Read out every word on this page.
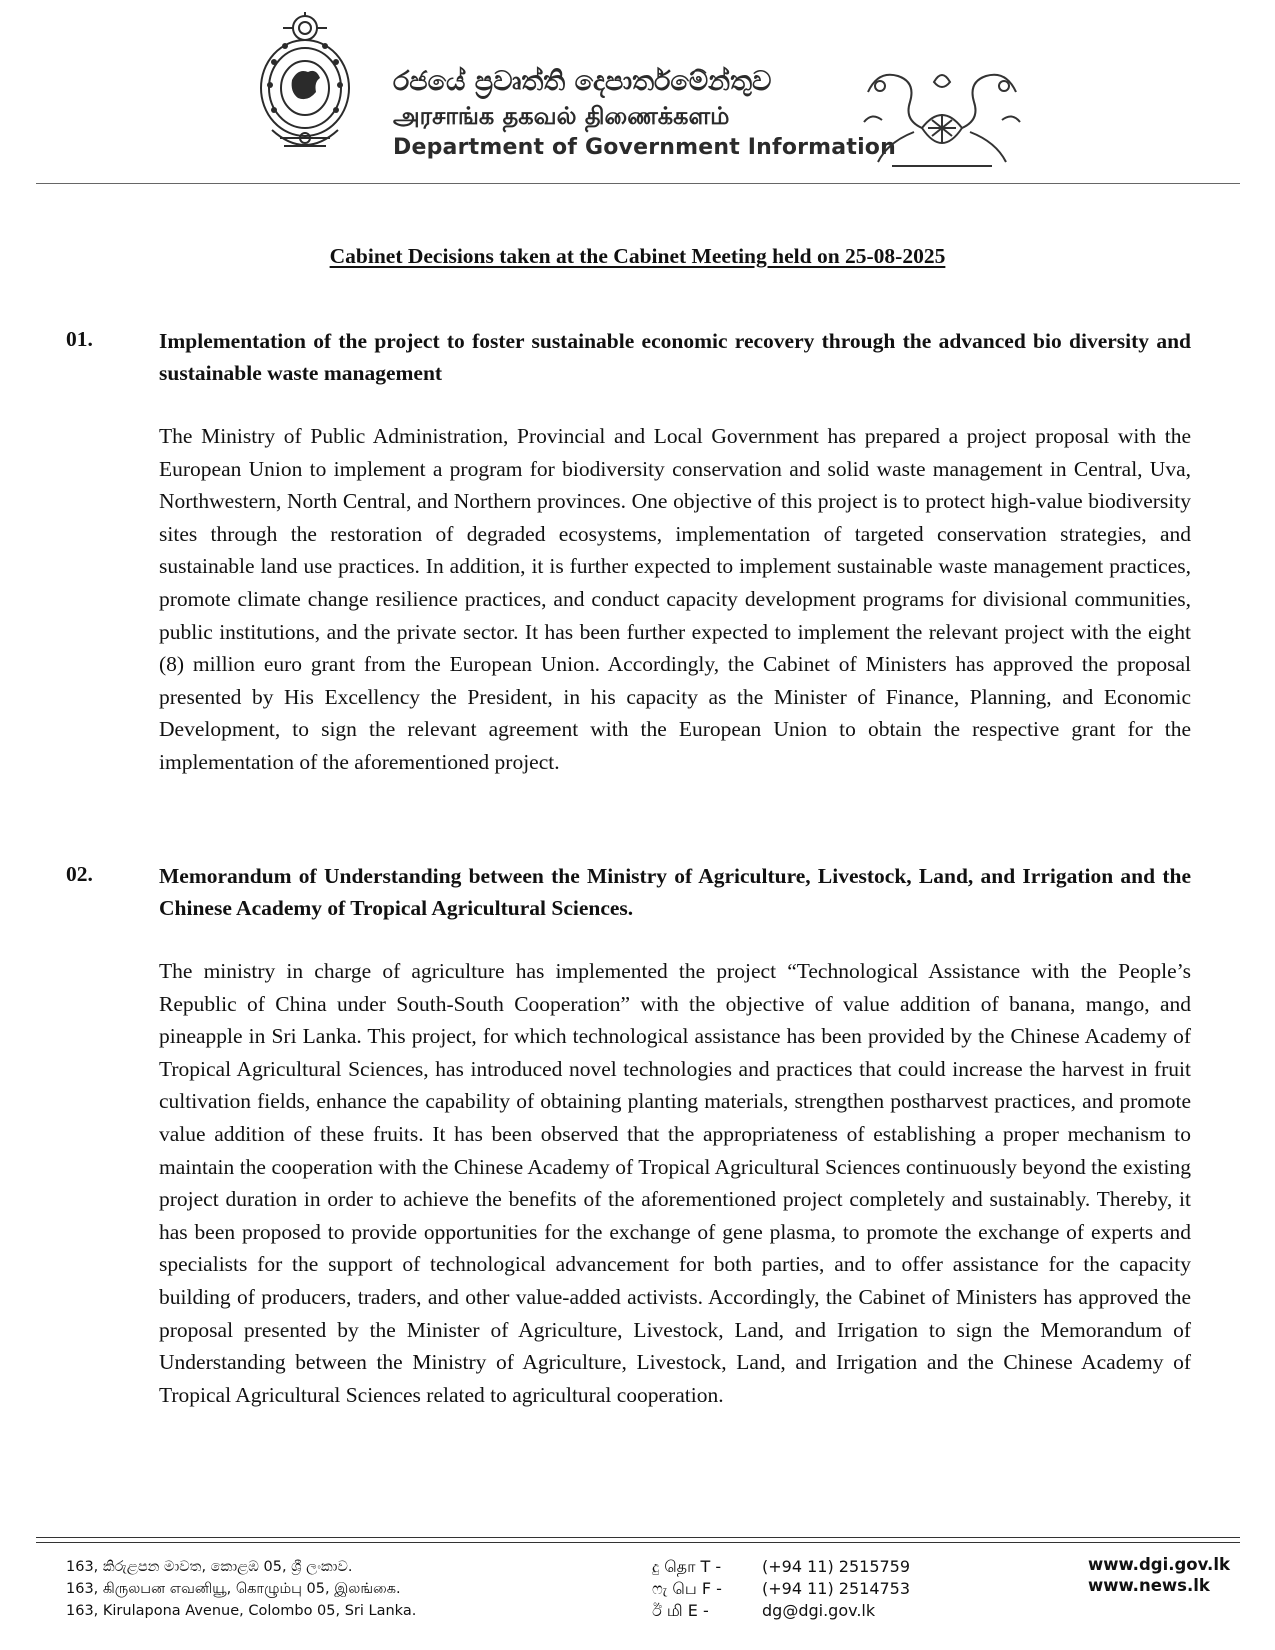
රජයේ ප්‍රවෘත්ති දෙපාර්තමේන්තුව
அரசாங்க தகவல் திணைக்களம்
Department of Government Information
Cabinet Decisions taken at the Cabinet Meeting held on 25-08-2025
01.	Implementation of the project to foster sustainable economic recovery through the advanced bio diversity and sustainable waste management
The Ministry of Public Administration, Provincial and Local Government has prepared a project proposal with the European Union to implement a program for biodiversity conservation and solid waste management in Central, Uva, Northwestern, North Central, and Northern provinces. One objective of this project is to protect high-value biodiversity sites through the restoration of degraded ecosystems, implementation of targeted conservation strategies, and sustainable land use practices. In addition, it is further expected to implement sustainable waste management practices, promote climate change resilience practices, and conduct capacity development programs for divisional communities, public institutions, and the private sector. It has been further expected to implement the relevant project with the eight (8) million euro grant from the European Union. Accordingly, the Cabinet of Ministers has approved the proposal presented by His Excellency the President, in his capacity as the Minister of Finance, Planning, and Economic Development, to sign the relevant agreement with the European Union to obtain the respective grant for the implementation of the aforementioned project.
02.	Memorandum of Understanding between the Ministry of Agriculture, Livestock, Land, and Irrigation and the Chinese Academy of Tropical Agricultural Sciences.
The ministry in charge of agriculture has implemented the project “Technological Assistance with the People’s Republic of China under South-South Cooperation” with the objective of value addition of banana, mango, and pineapple in Sri Lanka. This project, for which technological assistance has been provided by the Chinese Academy of Tropical Agricultural Sciences, has introduced novel technologies and practices that could increase the harvest in fruit cultivation fields, enhance the capability of obtaining planting materials, strengthen postharvest practices, and promote value addition of these fruits. It has been observed that the appropriateness of establishing a proper mechanism to maintain the cooperation with the Chinese Academy of Tropical Agricultural Sciences continuously beyond the existing project duration in order to achieve the benefits of the aforementioned project completely and sustainably. Thereby, it has been proposed to provide opportunities for the exchange of gene plasma, to promote the exchange of experts and specialists for the support of technological advancement for both parties, and to offer assistance for the capacity building of producers, traders, and other value-added activists. Accordingly, the Cabinet of Ministers has approved the proposal presented by the Minister of Agriculture, Livestock, Land, and Irrigation to sign the Memorandum of Understanding between the Ministry of Agriculture, Livestock, Land, and Irrigation and the Chinese Academy of Tropical Agricultural Sciences related to agricultural cooperation.
163, කිරුළපන මාවත, කොළඹ 05, ශ්‍රී ලංකාව.
163, கிருலபன எவனியூ, கொழும்பு 05, இலங்கை.
163, Kirulapona Avenue, Colombo 05, Sri Lanka.
දු தொ T -	(+94 11) 2515759
ෆැ பெ F -	(+94 11) 2514753
ඊ மி E -	dg@dgi.gov.lk
www.dgi.gov.lk
www.news.lk
